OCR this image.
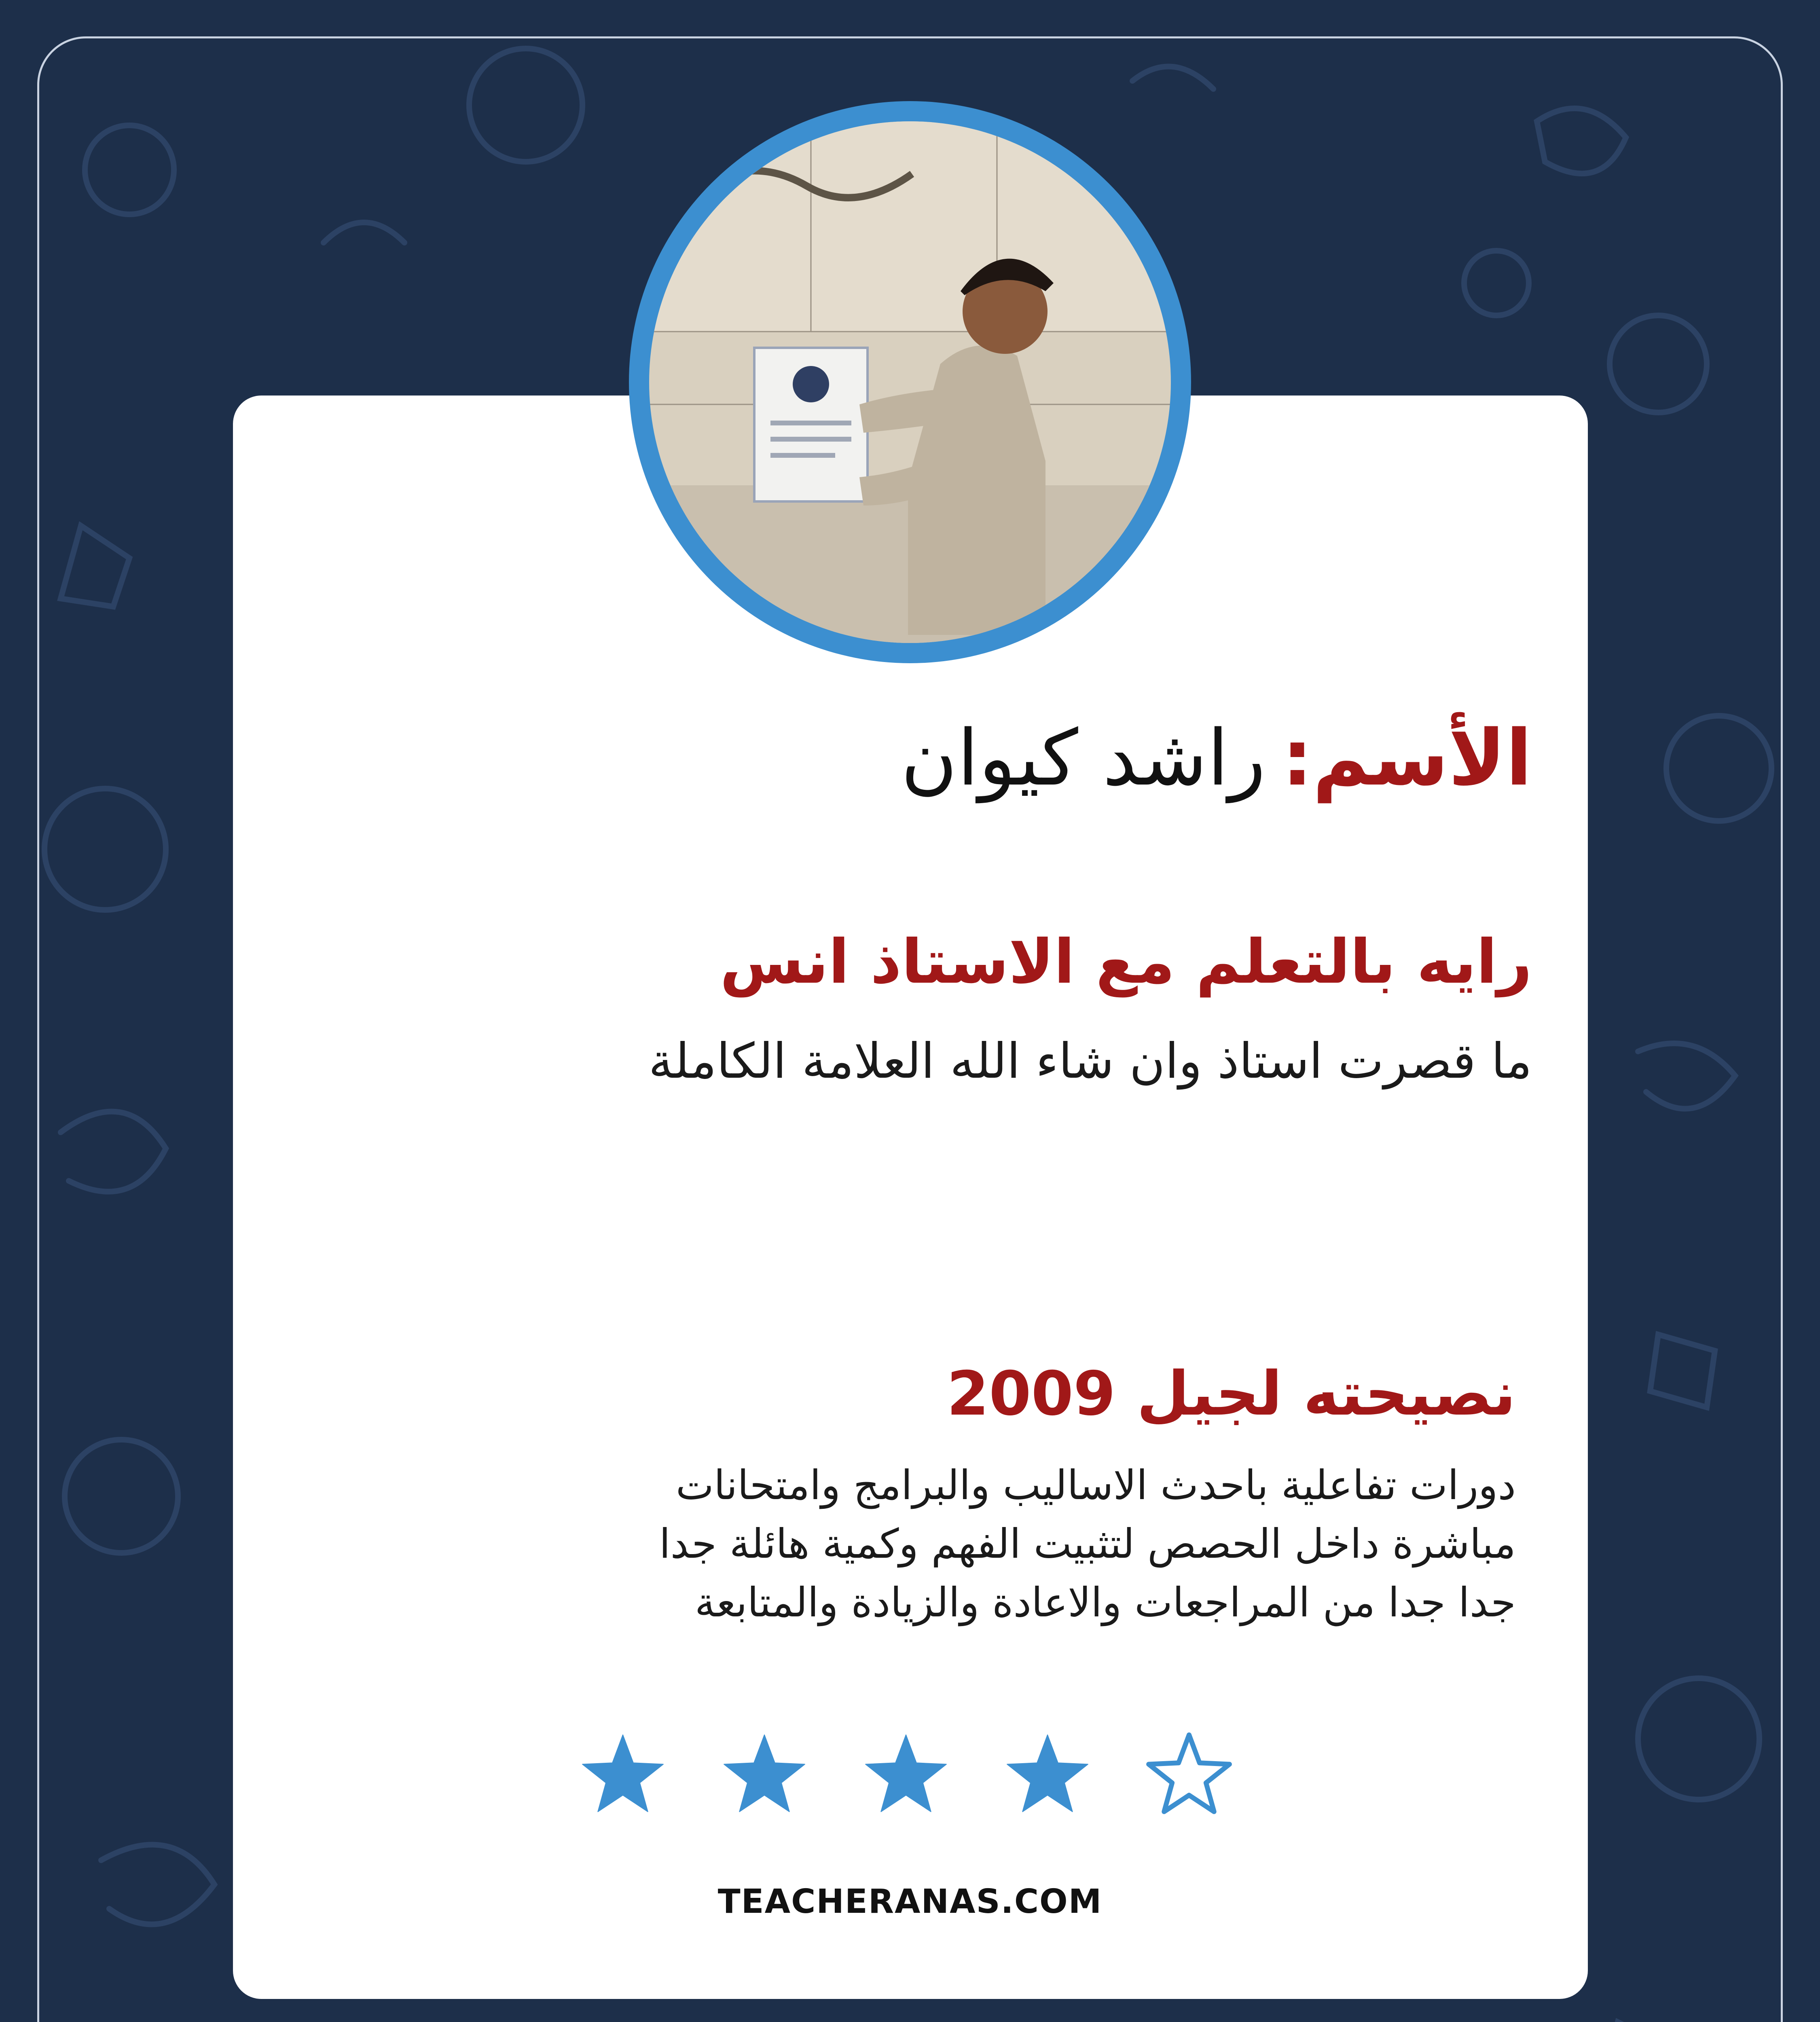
الأسم:راشد كيوان
رايه بالتعلم مع الاستاذ انس
ما قصرت استاذ وان شاء الله العلامة الكاملة
نصيحته لجيل 2009
دورات تفاعلية باحدث الاساليب والبرامج وامتحانات
مباشرة داخل الحصص لتثبيت الفهم وكمية هائلة جدا
جدا جدا من المراجعات والاعادة والزيادة والمتابعة
TEACHERANAS.COM
